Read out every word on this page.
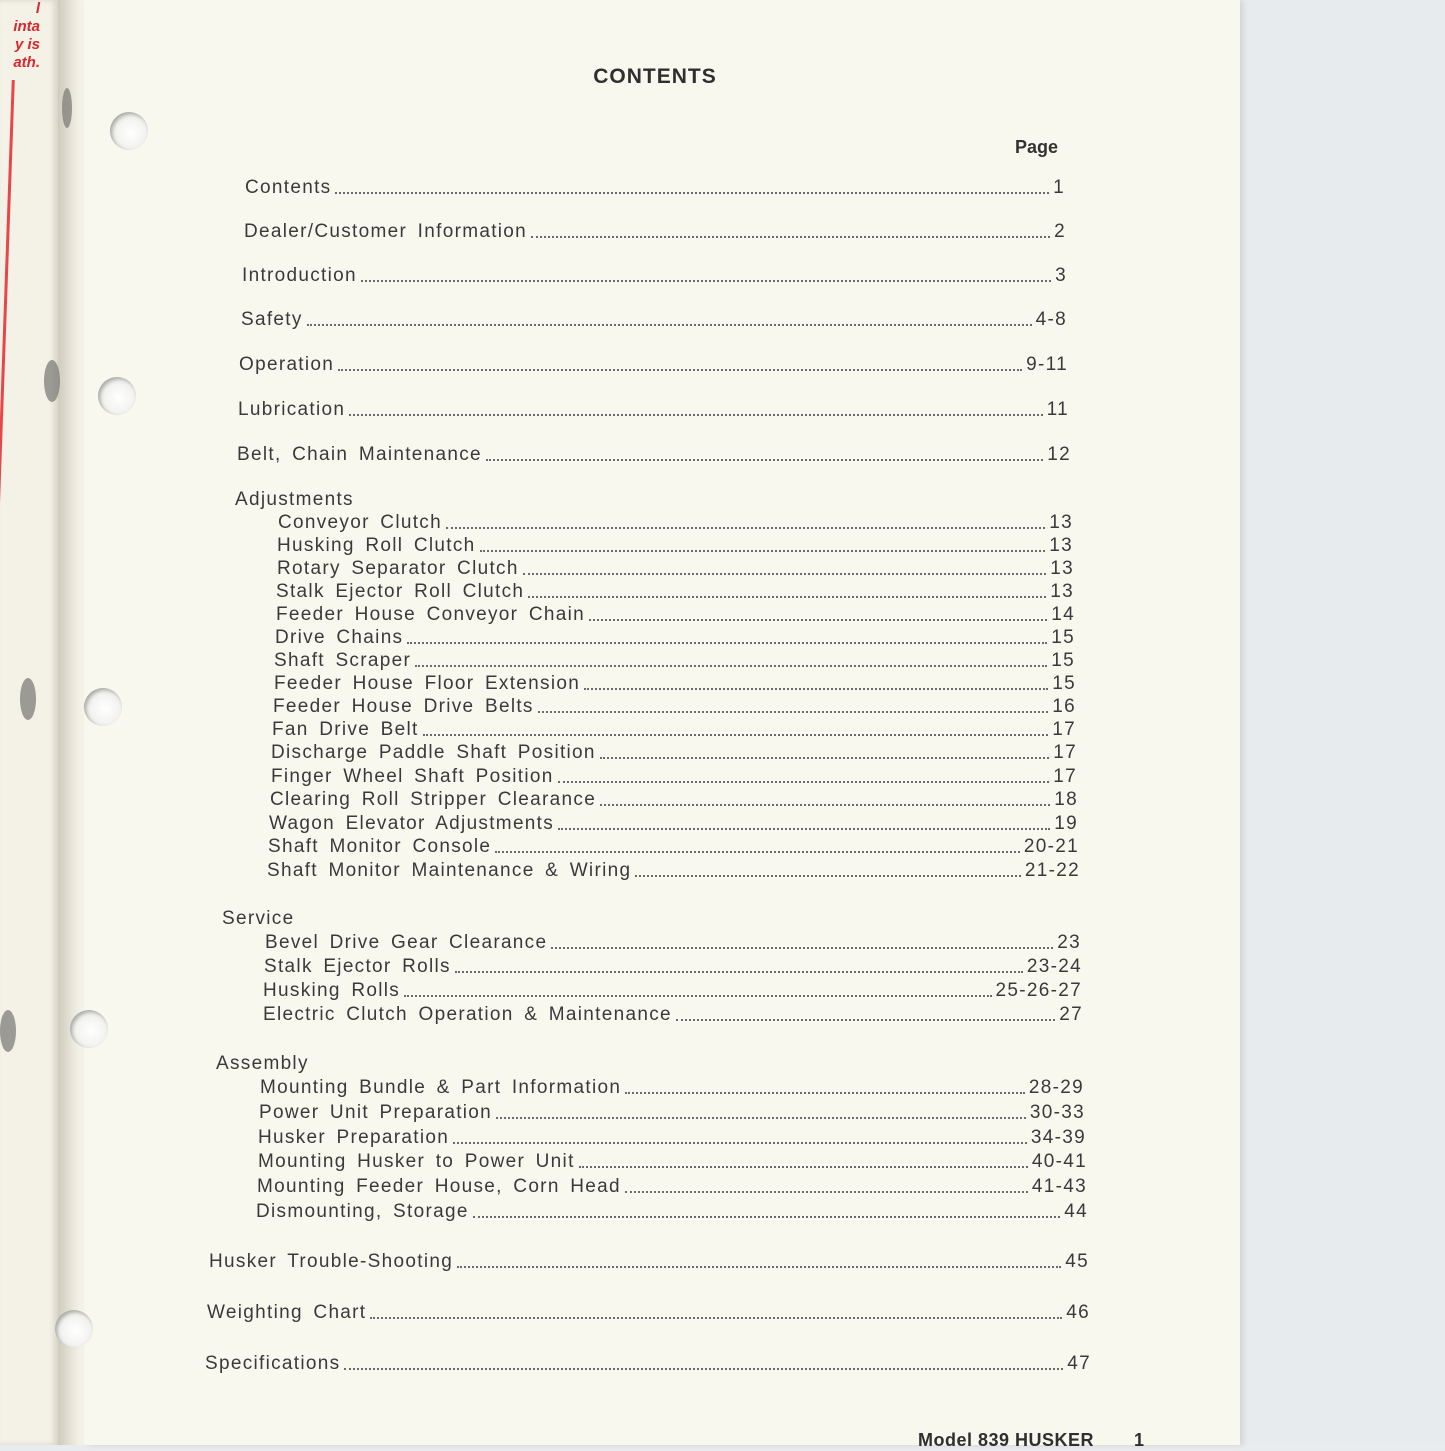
l
inta
y is
ath.
CONTENTS
Page
Contents	1
Dealer/Customer Information	2
Introduction	3
Safety	4-8
Operation	9-11
Lubrication	11
Belt, Chain Maintenance	12
Adjustments
Conveyor Clutch	13
Husking Roll Clutch	13
Rotary Separator Clutch	13
Stalk Ejector Roll Clutch	13
Feeder House Conveyor Chain	14
Drive Chains	15
Shaft Scraper	15
Feeder House Floor Extension	15
Feeder House Drive Belts	16
Fan Drive Belt	17
Discharge Paddle Shaft Position	17
Finger Wheel Shaft Position	17
Clearing Roll Stripper Clearance	18
Wagon Elevator Adjustments	19
Shaft Monitor Console	20-21
Shaft Monitor Maintenance & Wiring	21-22
Service
Bevel Drive Gear Clearance	23
Stalk Ejector Rolls	23-24
Husking Rolls	25-26-27
Electric Clutch Operation & Maintenance	27
Assembly
Mounting Bundle & Part Information	28-29
Power Unit Preparation	30-33
Husker Preparation	34-39
Mounting Husker to Power Unit	40-41
Mounting Feeder House, Corn Head	41-43
Dismounting, Storage	44
Husker Trouble-Shooting	45
Weighting Chart	46
Specifications	47
Model 839 HUSKER 1
